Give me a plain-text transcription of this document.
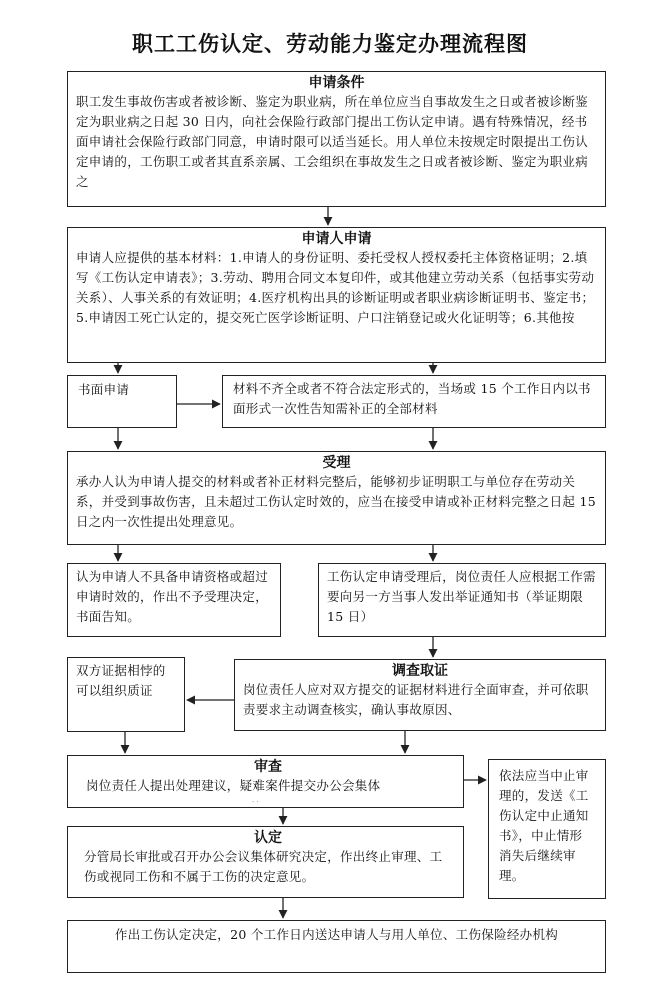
职工工伤认定、劳动能力鉴定办理流程图
申请条件
职工发生事故伤害或者被诊断、鉴定为职业病，所在单位应当自事故发生之日或者被诊断鉴定为职业病之日起 30 日内，向社会保险行政部门提出工伤认定申请。遇有特殊情况，经书面申请社会保险行政部门同意，申请时限可以适当延长。用人单位未按规定时限提出工伤认定申请的，工伤职工或者其直系亲属、工会组织在事故发生之日或者被诊断、鉴定为职业病之
申请人申请
申请人应提供的基本材料：1.申请人的身份证明、委托受权人授权委托主体资格证明；2.填写《工伤认定申请表》；3.劳动、聘用合同文本复印件，或其他建立劳动关系（包括事实劳动关系）、人事关系的有效证明；4.医疗机构出具的诊断证明或者职业病诊断证明书、鉴定书；5.申请因工死亡认定的，提交死亡医学诊断证明、户口注销登记或火化证明等；6.其他按
书面申请	材料不齐全或者不符合法定形式的，当场或 15 个工作日内以书面形式一次性告知需补正的全部材料
受理
承办人认为申请人提交的材料或者补正材料完整后，能够初步证明职工与单位存在劳动关系，并受到事故伤害，且未超过工伤认定时效的，应当在接受申请或补正材料完整之日起 15 日之内一次性提出处理意见。
认为申请人不具备申请资格或超过申请时效的，作出不予受理决定，书面告知。
工伤认定申请受理后，岗位责任人应根据工作需要向另一方当事人发出举证通知书（举证期限 15 日）
双方证据相悖的可以组织质证
调查取证
岗位责任人应对双方提交的证据材料进行全面审查，并可依职责要求主动调查核实，确认事故原因、
审查
岗位责任人提出处理建议，疑难案件提交办公会集体
· ·
依法应当中止审理的，发送《工伤认定中止通知书》，中止情形消失后继续审理。
认定
分管局长审批或召开办公会议集体研究决定，作出终止审理、工伤或视同工伤和不属于工伤的决定意见。
作出工伤认定决定，20 个工作日内送达申请人与用人单位、工伤保险经办机构
